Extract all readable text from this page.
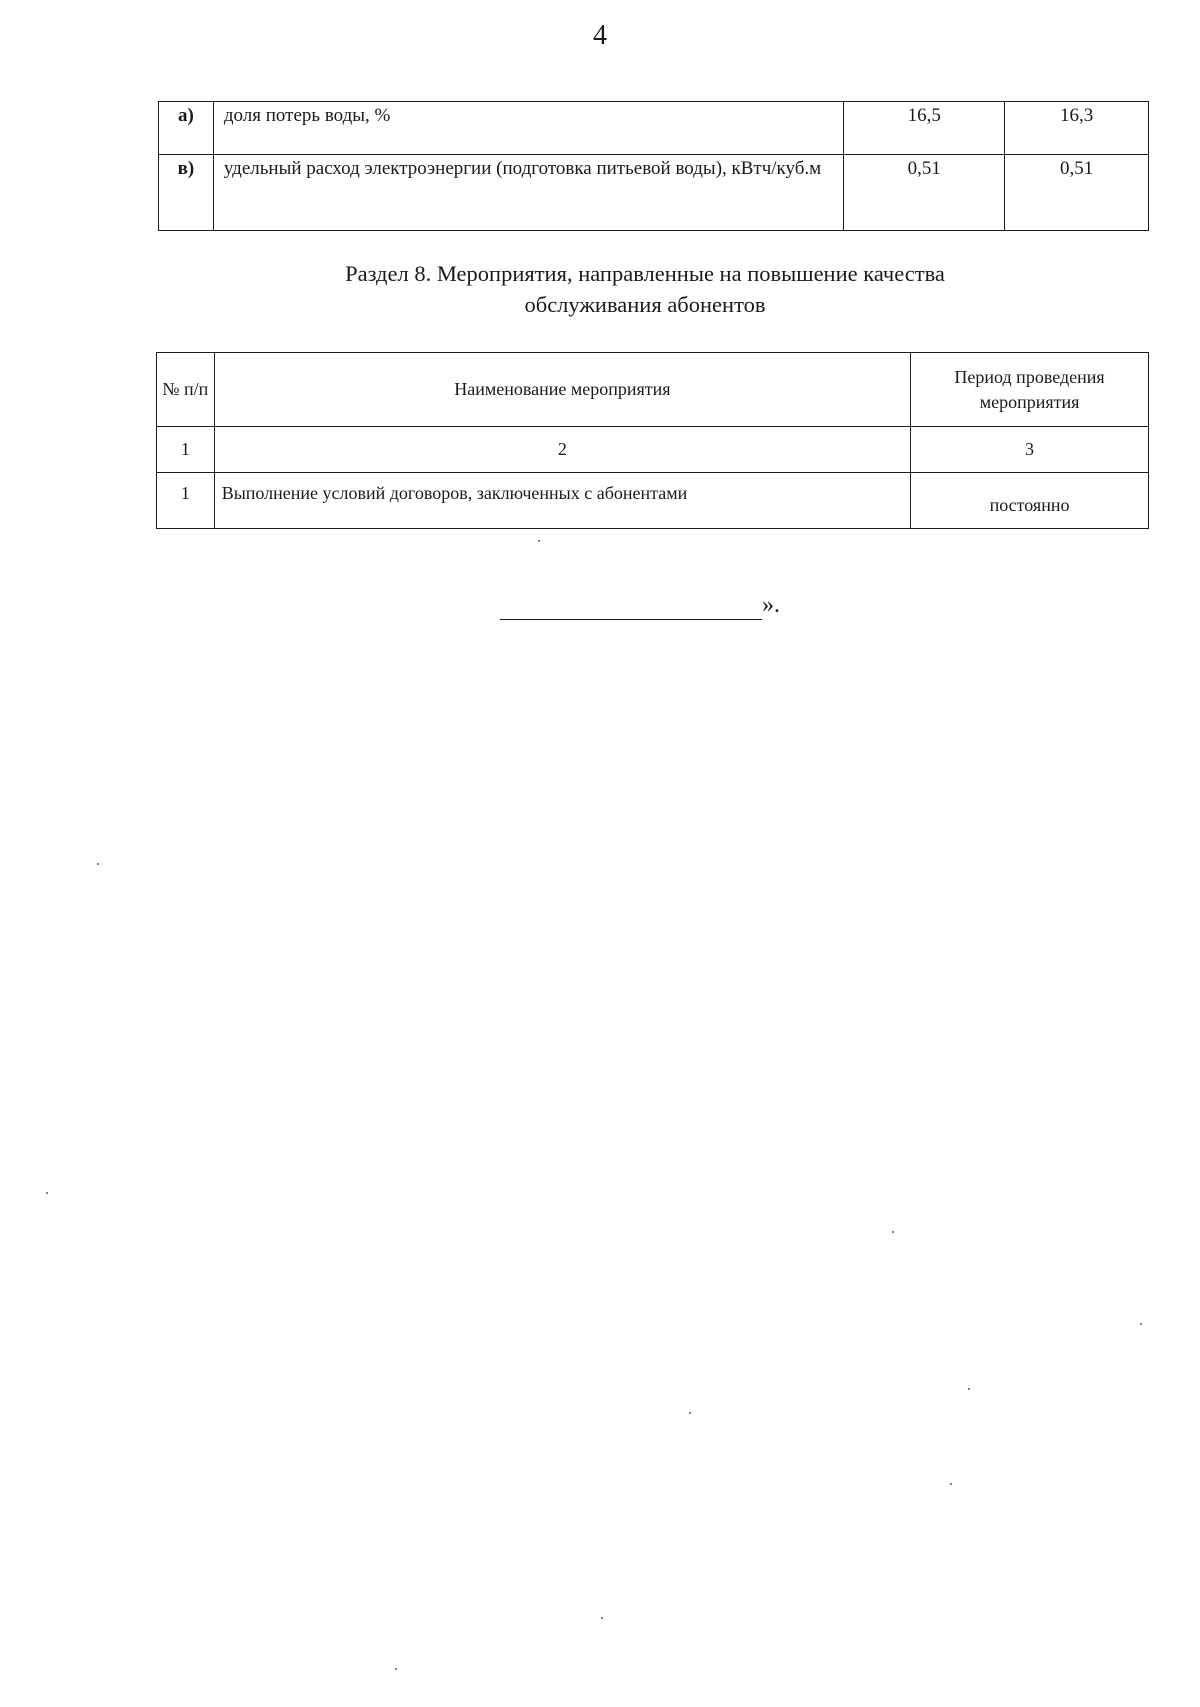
4
а)	доля потерь воды, %	16,5	16,3
в)	удельный расход электроэнергии (подготовка питьевой воды), кВтч/куб.м	0,51	0,51
Раздел 8. Мероприятия, направленные на повышение качества
обслуживания абонентов
№ п/п	Наименование мероприятия	Период проведения мероприятия
1	2	3
1	Выполнение условий договоров, заключенных с абонентами	постоянно
».
